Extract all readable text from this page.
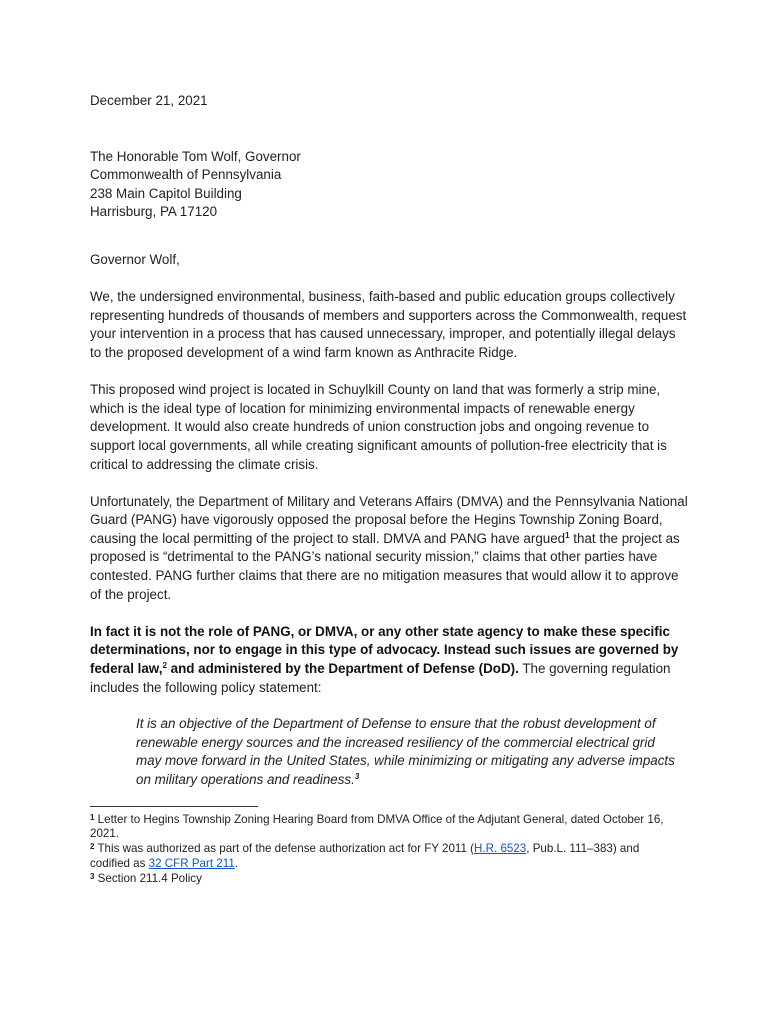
December 21, 2021

The Honorable Tom Wolf, Governor

Commonwealth of Pennsylvania

238 Main Capitol Building

Harrisburg, PA 17120

Governor Wolf,

We, the undersigned environmental, business, faith-based and public education groups collectively representing hundreds of thousands of members and supporters across the Commonwealth, request your intervention in a process that has caused unnecessary, improper, and potentially illegal delays to the proposed development of a wind farm known as Anthracite Ridge.

This proposed wind project is located in Schuylkill County on land that was formerly a strip mine, which is the ideal type of location for minimizing environmental impacts of renewable energy development. It would also create hundreds of union construction jobs and ongoing revenue to support local governments, all while creating significant amounts of pollution-free electricity that is critical to addressing the climate crisis.

Unfortunately, the Department of Military and Veterans Affairs (DMVA) and the Pennsylvania National Guard (PANG) have vigorously opposed the proposal before the Hegins Township Zoning Board, causing the local permitting of the project to stall. DMVA and PANG have argued$^1$ that the project as proposed is “detrimental to the PANG’s national security mission,” claims that other parties have contested. PANG further claims that there are no mitigation measures that would allow it to approve of the project.

In fact it is not the role of PANG, or DMVA, or any other state agency to make these specific determinations, nor to engage in this type of advocacy. Instead such issues are governed by federal law,$^2$ and administered by the Department of Defense (DoD). The governing regulation includes the following policy statement:

It is an objective of the Department of Defense to ensure that the robust development of renewable energy sources and the increased resiliency of the commercial electrical grid may move forward in the United States, while minimizing or mitigating any adverse impacts on military operations and readiness.$^3$

$^1$ Letter to Hegins Township Zoning Hearing Board from DMVA Office of the Adjutant General, dated October 16, 2021.

$^2$ This was authorized as part of the defense authorization act for FY 2011 (H.R. 6523, Pub.L. 111–383) and codified as 32 CFR Part 211.

$^3$ Section 211.4 Policy
